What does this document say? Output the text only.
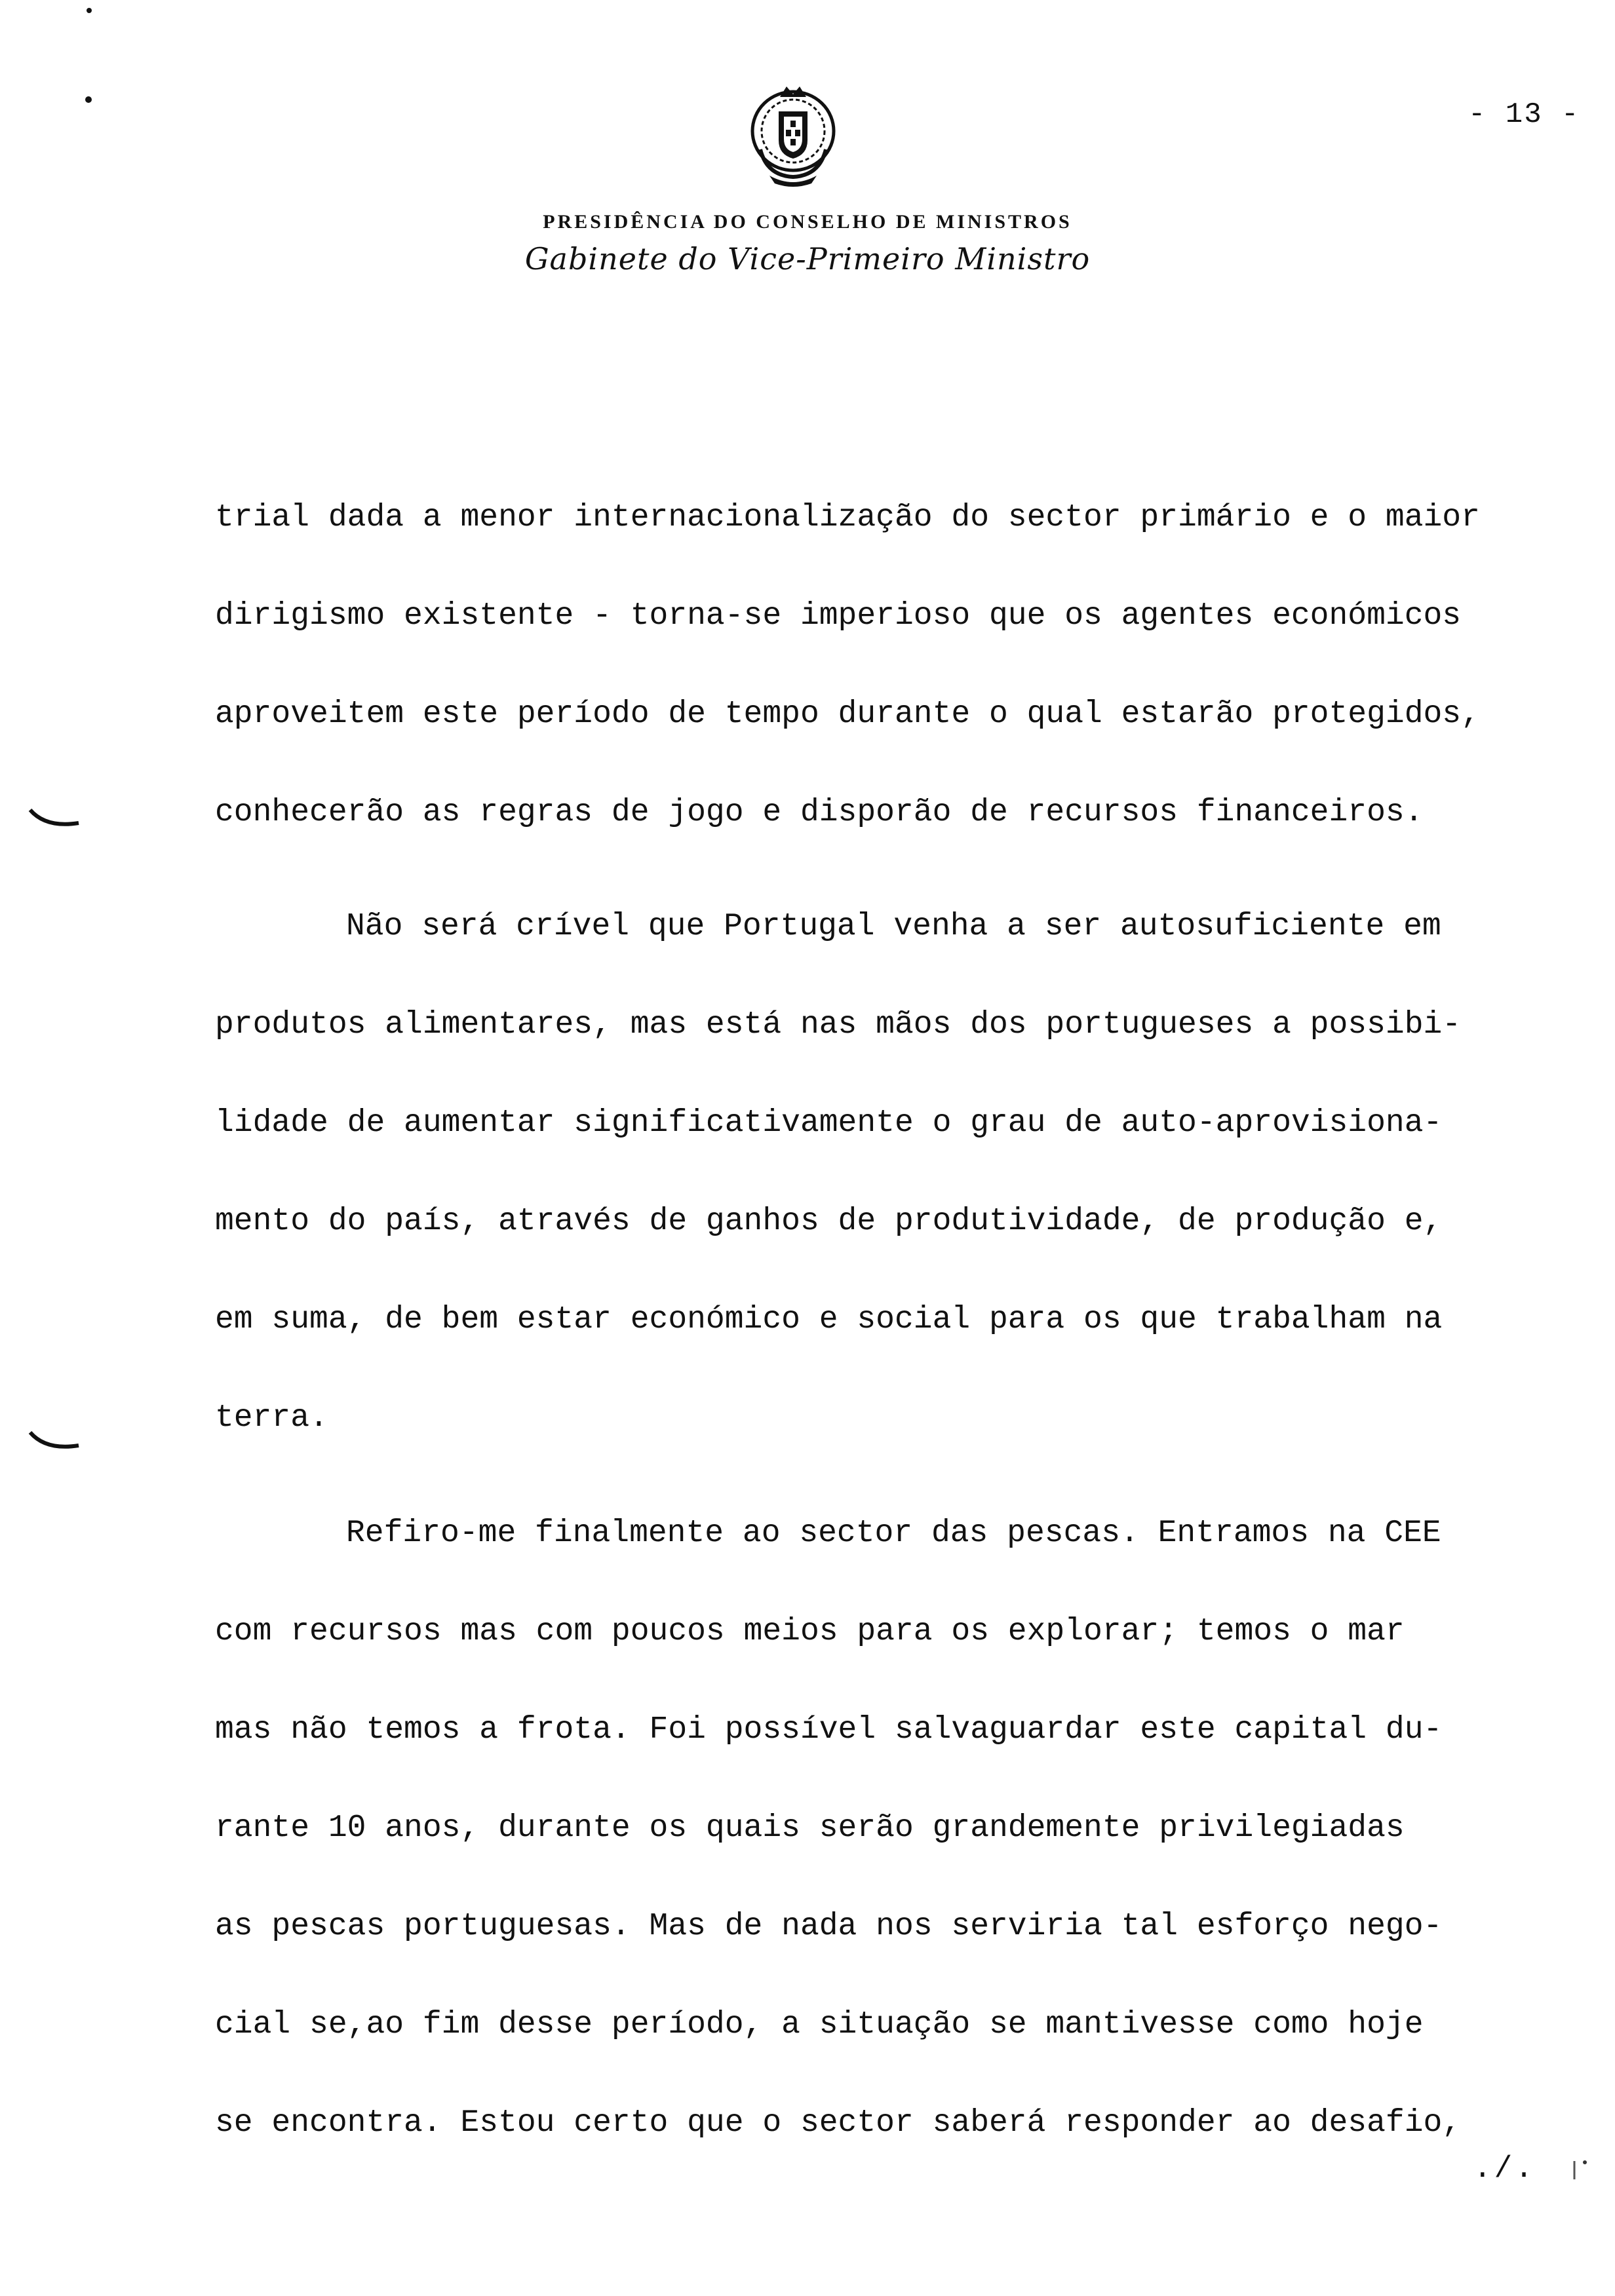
- 13 -
PRESIDÊNCIA DO CONSELHO DE MINISTROS
Gabinete do Vice-Primeiro Ministro

trial dada a menor internacionalização do sector primário e o maior

dirigismo existente - torna-se imperioso que os agentes económicos

aproveitem este período de tempo durante o qual estarão protegidos,

conhecerão as regras de jogo e disporão de recursos financeiros.

Não será crível que Portugal venha a ser autosuficiente em

produtos alimentares, mas está nas mãos dos portugueses a possibi-

lidade de aumentar significativamente o grau de auto-aprovisiona-

mento do país, através de ganhos de produtividade, de produção e,

em suma, de bem estar económico e social para os que trabalham na

terra.

Refiro-me finalmente ao sector das pescas. Entramos na CEE

com recursos mas com poucos meios para os explorar; temos o mar

mas não temos a frota. Foi possível salvaguardar este capital du-

rante 10 anos, durante os quais serão grandemente privilegiadas

as pescas portuguesas. Mas de nada nos serviria tal esforço nego-

cial se,ao fim desse período, a situação se mantivesse como hoje

se encontra. Estou certo que o sector saberá responder ao desafio,

./.
